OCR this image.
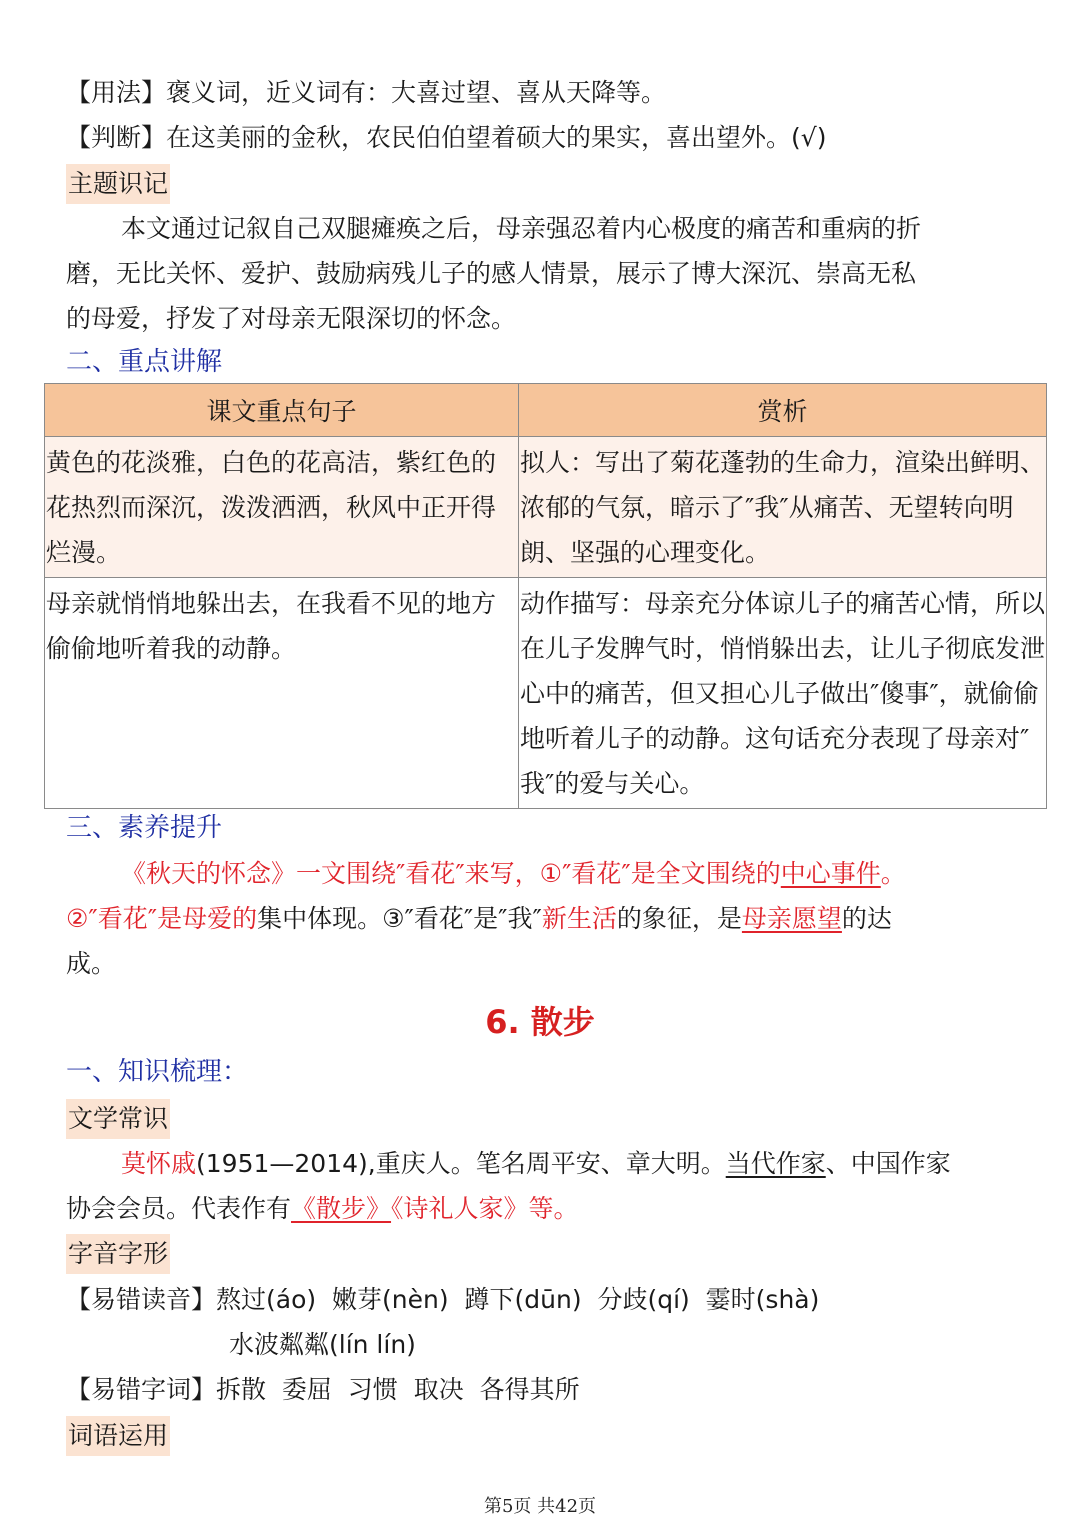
【用法】褒义词，近义词有：大喜过望、喜从天降等。
【判断】在这美丽的金秋，农民伯伯望着硕大的果实，喜出望外。(√)
主题识记
本文通过记叙自己双腿瘫痪之后，母亲强忍着内心极度的痛苦和重病的折
磨，无比关怀、爱护、鼓励病残儿子的感人情景，展示了博大深沉、崇高无私
的母爱，抒发了对母亲无限深切的怀念。
二、重点讲解
课文重点句子	赏析
黄色的花淡雅，白色的花高洁，紫红色的花热烈而深沉，泼泼洒洒，秋风中正开得烂漫。	拟人：写出了菊花蓬勃的生命力，渲染出鲜明、浓郁的气氛，暗示了″我″从痛苦、无望转向明朗、坚强的心理变化。
母亲就悄悄地躲出去，在我看不见的地方偷偷地听着我的动静。	动作描写：母亲充分体谅儿子的痛苦心情，所以在儿子发脾气时，悄悄躲出去，让儿子彻底发泄心中的痛苦，但又担心儿子做出″傻事″，就偷偷地听着儿子的动静。这句话充分表现了母亲对″我″的爱与关心。
三、素养提升
《秋天的怀念》一文围绕″看花″来写，①″看花″是全文围绕的中心事件。
②″看花″是母爱的集中体现。③″看花″是″我″新生活的象征，是母亲愿望的达
成。
6. 散步
一、知识梳理：
文学常识
莫怀戚(1951—2014),重庆人。笔名周平安、章大明。当代作家、中国作家
协会会员。代表作有《散步》《诗礼人家》等。
字音字形
【易错读音】熬过(áo)  嫩芽(nèn)  蹲下(dūn)  分歧(qí)  霎时(shà)
水波粼粼(lín lín)
【易错字词】拆散  委屈  习惯  取决  各得其所
词语运用
第5页 共42页
